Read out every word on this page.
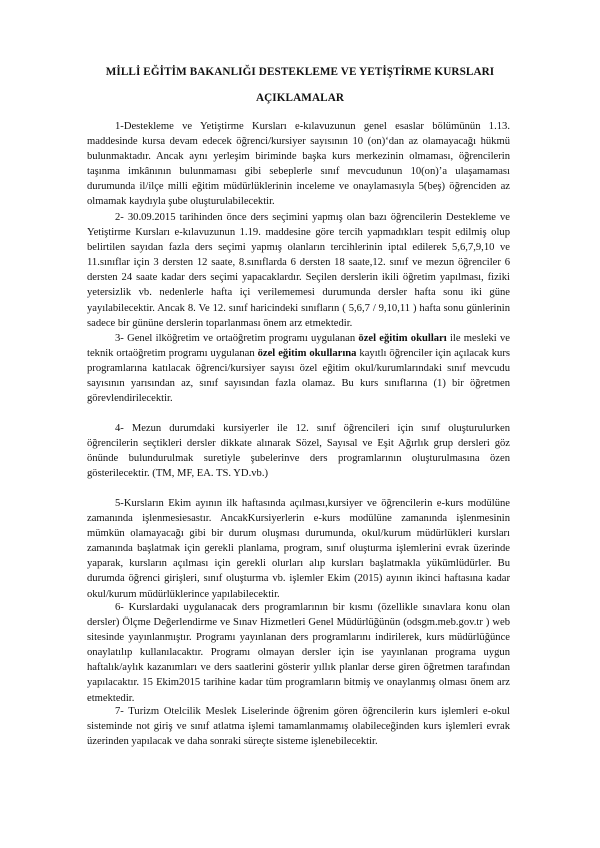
MİLLİ EĞİTİM BAKANLIĞI DESTEKLEME VE YETİŞTİRME KURSLARI

AÇIKLAMALAR

1-Destekleme ve Yetiştirme Kursları e-kılavuzunun genel esaslar bölümünün 1.13. maddesinde kursa devam edecek öğrenci/kursiyer sayısının 10 (on)‘dan az olamayacağı hükmü bulunmaktadır. Ancak aynı yerleşim biriminde başka kurs merkezinin olmaması, öğrencilerin taşınma imkânının bulunmaması gibi sebeplerle sınıf mevcudunun 10(on)’a ulaşamaması durumunda il/ilçe milli eğitim müdürlüklerinin inceleme ve onaylamasıyla 5(beş) öğrenciden az olmamak kaydıyla şube oluşturulabilecektir.

2- 30.09.2015 tarihinden önce ders seçimini yapmış olan bazı öğrencilerin Destekleme ve Yetiştirme Kursları e-kılavuzunun 1.19. maddesine göre tercih yapmadıkları tespit edilmiş olup belirtilen sayıdan fazla ders seçimi yapmış olanların tercihlerinin iptal edilerek 5,6,7,9,10 ve 11.sınıflar için 3 dersten 12 saate, 8.sınıflarda 6 dersten 18 saate,12. sınıf ve mezun öğrenciler 6 dersten 24 saate kadar ders seçimi yapacaklardır. Seçilen derslerin ikili öğretim yapılması, fiziki yetersizlik vb. nedenlerle hafta içi verilememesi durumunda dersler hafta sonu iki güne yayılabilecektir. Ancak 8. Ve 12. sınıf haricindeki sınıfların ( 5,6,7 / 9,10,11 ) hafta sonu günlerinin sadece bir gününe derslerin toparlanması önem arz etmektedir.

3- Genel ilköğretim ve ortaöğretim programı uygulanan özel eğitim okulları ile mesleki ve teknik ortaöğretim programı uygulanan özel eğitim okullarına kayıtlı öğrenciler için açılacak kurs programlarına katılacak öğrenci/kursiyer sayısı özel eğitim okul/kurumlarındaki sınıf mevcudu sayısının yarısından az, sınıf sayısından fazla olamaz. Bu kurs sınıflarına (1) bir öğretmen görevlendirilecektir.

4- Mezun durumdaki kursiyerler ile 12. sınıf öğrencileri için sınıf oluşturulurken öğrencilerin seçtikleri dersler dikkate alınarak Sözel, Sayısal ve Eşit Ağırlık grup dersleri göz önünde bulundurulmak suretiyle şubelerinve ders programlarının oluşturulmasına özen gösterilecektir. (TM, MF, EA. TS. YD.vb.)

5-Kursların Ekim ayının ilk haftasında açılması,kursiyer ve öğrencilerin e-kurs modülüne zamanında işlenmesiesastır. AncakKursiyerlerin e-kurs modülüne zamanında işlenmesinin mümkün olamayacağı gibi bir durum oluşması durumunda, okul/kurum müdürlükleri kursları zamanında başlatmak için gerekli planlama, program, sınıf oluşturma işlemlerini evrak üzerinde yaparak, kursların açılması için gerekli olurları alıp kursları başlatmakla yükümlüdürler. Bu durumda öğrenci girişleri, sınıf oluşturma vb. işlemler Ekim (2015) ayının ikinci haftasına kadar okul/kurum müdürlüklerince yapılabilecektir.

6- Kurslardaki uygulanacak ders programlarının bir kısmı (özellikle sınavlara konu olan dersler) Ölçme Değerlendirme ve Sınav Hizmetleri Genel Müdürlüğünün (odsgm.meb.gov.tr ) web sitesinde yayınlanmıştır. Programı yayınlanan ders programlarını indirilerek, kurs müdürlüğünce onaylatılıp kullanılacaktır. Programı olmayan dersler için ise yayınlanan programa uygun haftalık/aylık kazanımları ve ders saatlerini gösterir yıllık planlar derse giren öğretmen tarafından yapılacaktır. 15 Ekim2015 tarihine kadar tüm programların bitmiş ve onaylanmış olması önem arz etmektedir.

7- Turizm Otelcilik Meslek Liselerinde öğrenim gören öğrencilerin kurs işlemleri e-okul sisteminde not giriş ve sınıf atlatma işlemi tamamlanmamış olabileceğinden kurs işlemleri evrak üzerinden yapılacak ve daha sonraki süreçte sisteme işlenebilecektir.
